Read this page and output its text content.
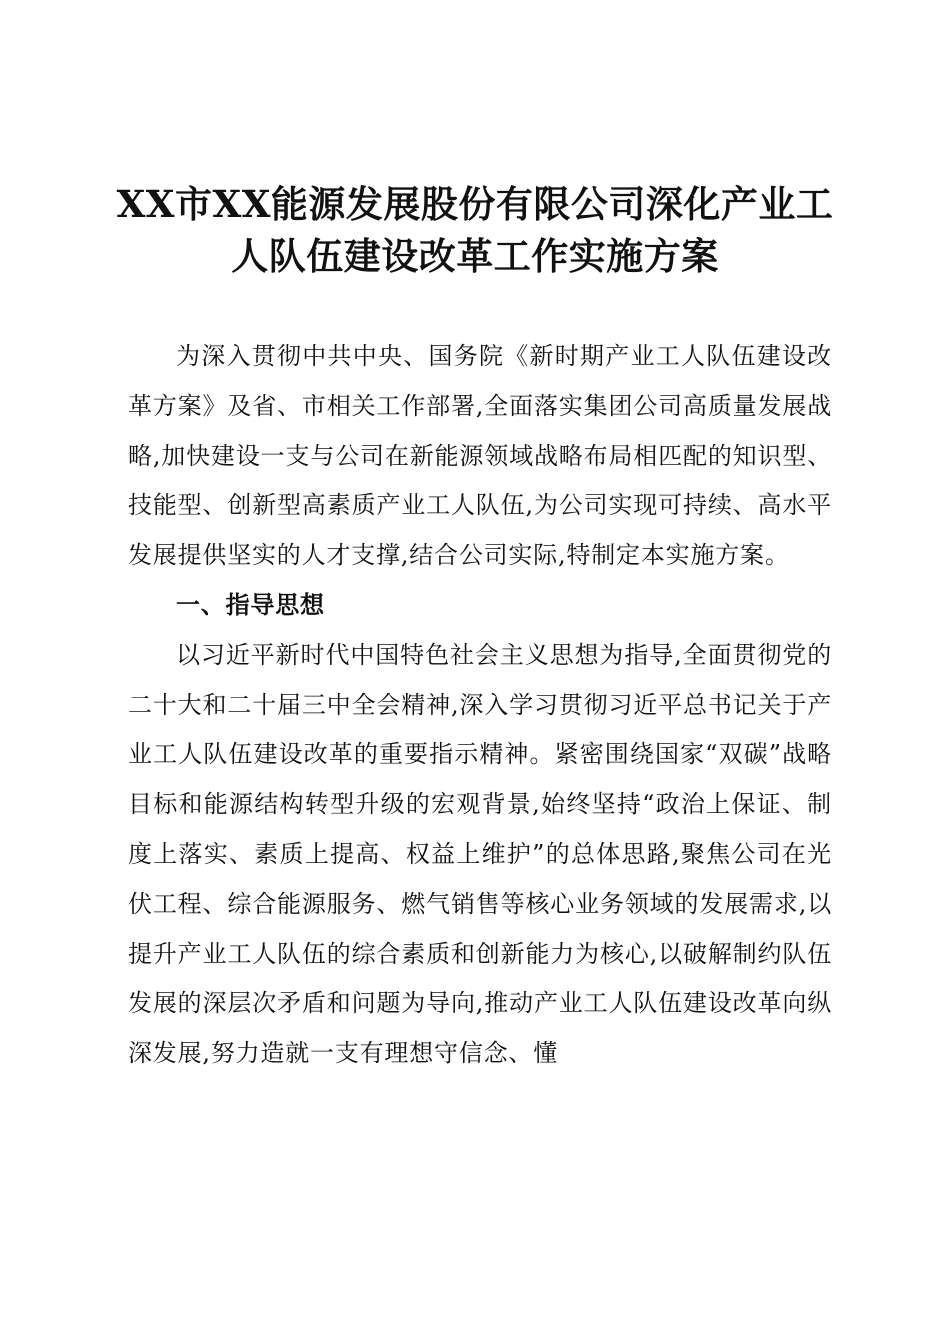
XX市XX能源发展股份有限公司深化产业工
人队伍建设改革工作实施方案

为深入贯彻中共中央、国务院《新时期产业工人队伍建设改革方案》及省、市相关工作部署,全面落实集团公司高质量发展战略,加快建设一支与公司在新能源领域战略布局相匹配的知识型、技能型、创新型高素质产业工人队伍,为公司实现可持续、高水平发展提供坚实的人才支撑,结合公司实际,特制定本实施方案。

一、指导思想

以习近平新时代中国特色社会主义思想为指导,全面贯彻党的二十大和二十届三中全会精神,深入学习贯彻习近平总书记关于产业工人队伍建设改革的重要指示精神。紧密围绕国家“双碳”战略目标和能源结构转型升级的宏观背景,始终坚持“政治上保证、制度上落实、素质上提高、权益上维护”的总体思路,聚焦公司在光伏工程、综合能源服务、燃气销售等核心业务领域的发展需求,以提升产业工人队伍的综合素质和创新能力为核心,以破解制约队伍发展的深层次矛盾和问题为导向,推动产业工人队伍建设改革向纵深发展,努力造就一支有理想守信念、懂
